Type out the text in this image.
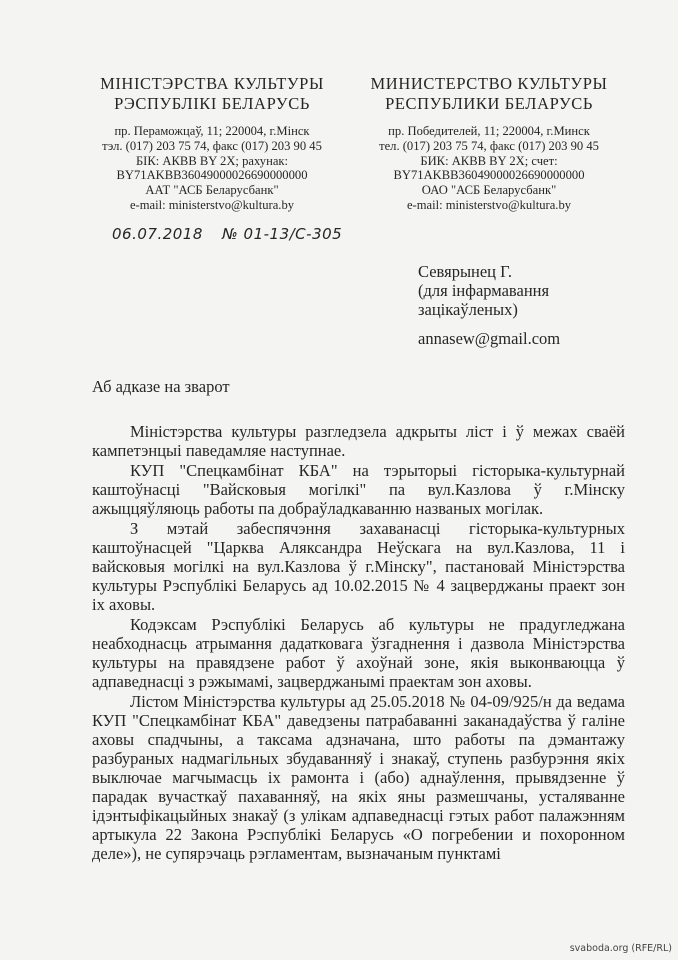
МІНІСТЭРСТВА КУЛЬТУРЫ
РЭСПУБЛІКІ БЕЛАРУСЬ
пр. Пераможцаў, 11; 220004, г.Мінск
тэл. (017) 203 75 74, факс (017) 203 90 45
БІК: АКВВ BY 2X; рахунак:
BY71AKBB36049000026690000000
ААТ "АСБ Беларусбанк"
e-mail: ministerstvo@kultura.by
МИНИСТЕРСТВО КУЛЬТУРЫ
РЕСПУБЛИКИ БЕЛАРУСЬ
пр. Победителей, 11; 220004, г.Минск
тел. (017) 203 75 74, факс (017) 203 90 45
БИК: АКВВ BY 2X; счет:
BY71AKBB36049000026690000000
ОАО "АСБ Беларусбанк"
e-mail: ministerstvo@kultura.by
06.07.2018 № 01-13/С-305
Севярынец Г.
(для інфармавання
зацікаўленых)
annasew@gmail.com
Аб адказе на зварот

Міністэрства культуры разгледзела адкрыты ліст і ў межах сваёй кампетэнцыі паведамляе наступнае.

КУП "Спецкамбінат КБА" на тэрыторыі гісторыка-культурнай каштоўнасці "Вайсковыя могілкі" па вул.Казлова ў г.Мінску ажыццяўляюць работы па добраўладкаванню названых могілак.

З мэтай забеспячэння захаванасці гісторыка-культурных каштоўнасцей "Царква Аляксандра Неўскага на вул.Казлова, 11 і вайсковыя могілкі на вул.Казлова ў г.Мінску", пастановай Міністэрства культуры Рэспублікі Беларусь ад 10.02.2015 № 4 зацверджаны праект зон іх аховы.

Кодэксам Рэспублікі Беларусь аб культуры не прадугледжана неабходнасць атрымання дадатковага ўзгаднення і дазвола Міністэрства культуры на правядзене работ ў ахоўнай зоне, якія выконваюцца ў адпаведнасці з рэжымамі, зацверджанымі праектам зон аховы.

Лістом Міністэрства культуры ад 25.05.2018 № 04-09/925/н да ведама КУП "Спецкамбінат КБА" даведзены патрабаванні заканадаўства ў галіне аховы спадчыны, а таксама адзначана, што работы па дэмантажу разбураных надмагільных збудаванняў і знакаў, ступень разбурэння якіх выключае магчымасць іх рамонта і (або) аднаўлення, прывядзенне ў парадак вучасткаў пахаванняў, на якіх яны размешчаны, усталяванне ідэнтыфікацыйных знакаў (з улікам адпаведнасці гэтых работ палажэнням артыкула 22 Закона Рэспублікі Беларусь «О погребении и похоронном деле»), не супярэчаць рэгламентам, вызначаным пунктамі

svaboda.org (RFE/RL)
